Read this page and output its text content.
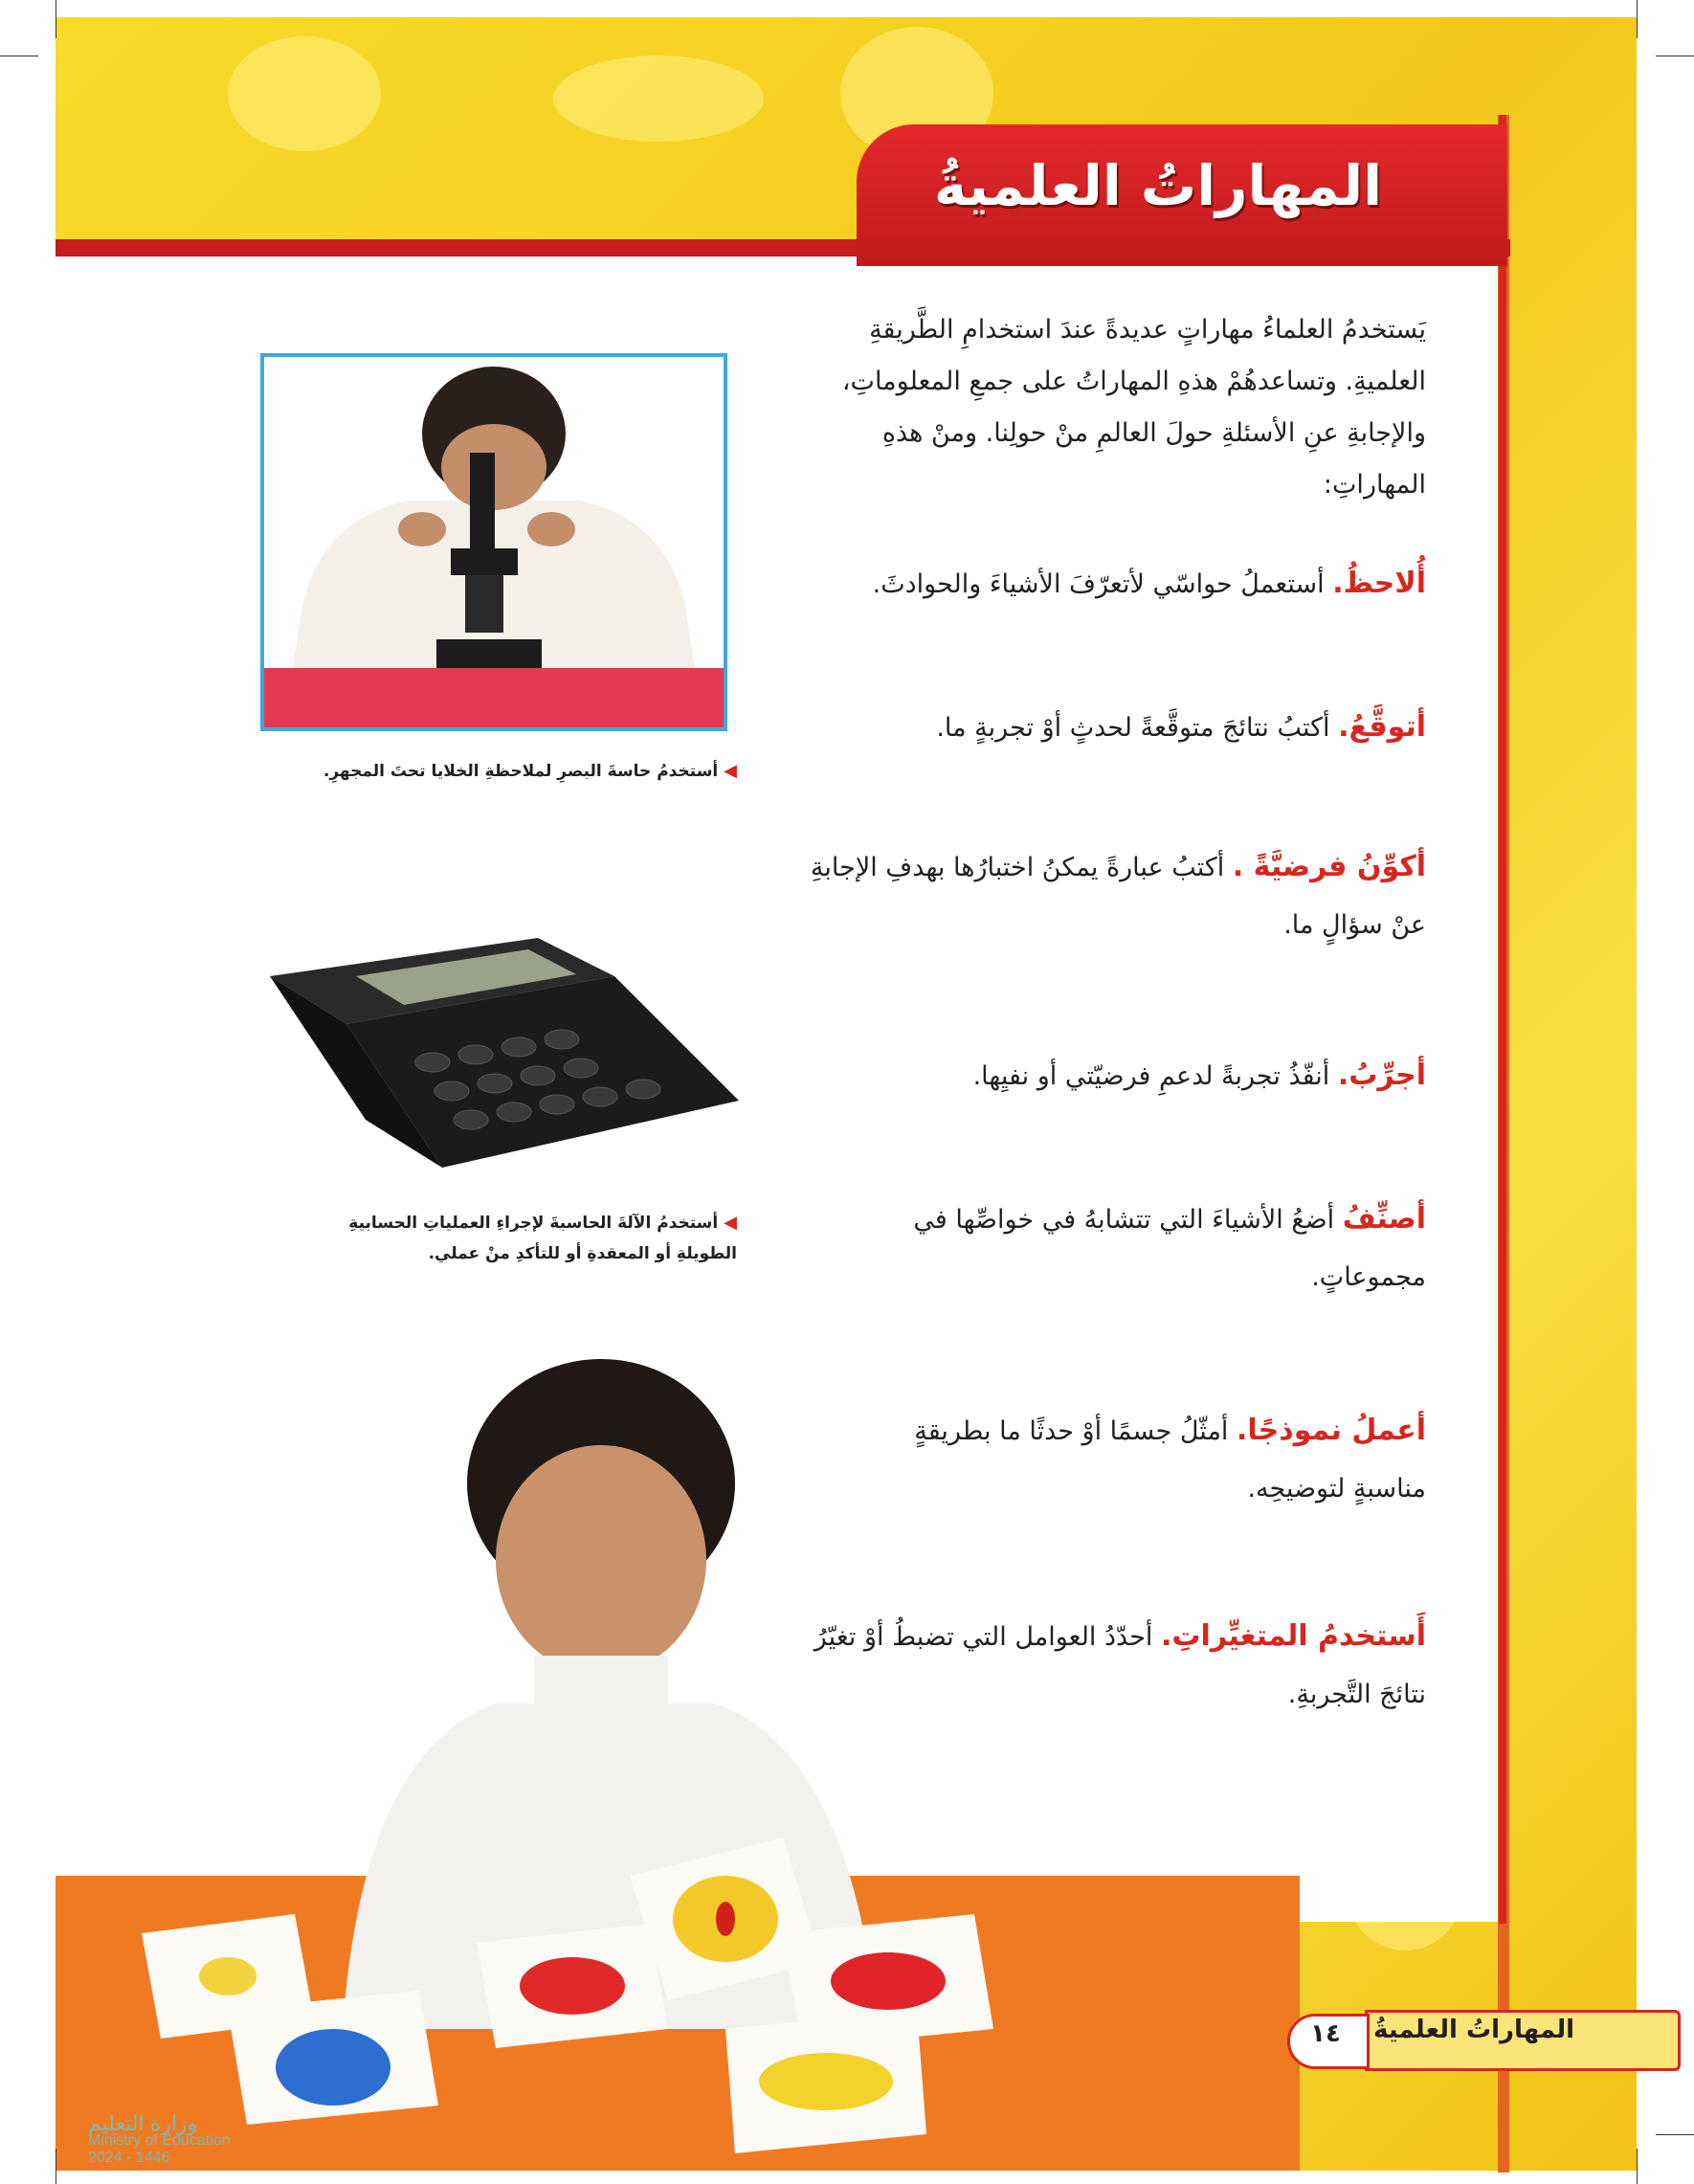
المهاراتُ العلميةُ
يَستخدمُ العلماءُ مهاراتٍ عديدةً عندَ استخدامِ الطَّريقةِ
العلميةِ. وتساعدهُمْ هذهِ المهاراتُ على جمعِ المعلوماتِ،
والإجابةِ عنِ الأسئلةِ حولَ العالمِ منْ حولِنا. ومنْ هذهِ
المهاراتِ:
أُلاحظُ. أستعملُ حواسّي لأتعرّفَ الأشياءَ والحوادثَ.
أتوقَّعُ. أكتبُ نتائجَ متوقَّعةً لحدثٍ أوْ تجربةٍ ما.
أكوِّنُ فرضيَّةً . أكتبُ عبارةً يمكنُ اختبارُها بهدفِ الإجابةِ
عنْ سؤالٍ ما.
أجرِّبُ. أنفّذُ تجربةً لدعمِ فرضيّتي أو نفيِها.
أصنِّفُ أضعُ الأشياءَ التي تتشابهُ في خواصِّها في
مجموعاتٍ.
أعملُ نموذجًا. أمثّلُ جسمًا أوْ حدثًا ما بطريقةٍ
مناسبةٍ لتوضيحِه.
أَستخدمُ المتغيِّراتِ. أحدّدُ العوامل التي تضبطُ أوْ تغيّرُ
نتائجَ التَّجربةِ.
◀ أستخدمُ حاسةَ البصرِ لملاحظةِ الخلايا تحتَ المجهرِ.
◀ أستخدمُ الآلةَ الحاسبةَ لإجراءِ العملياتِ الحسابيةِ
الطويلةِ أو المعقدةِ أو للتأكدِ منْ عملي.
المهاراتُ العلميةُ
١٤
وزارة التعليم
Ministry of Education
2024 - 1446
